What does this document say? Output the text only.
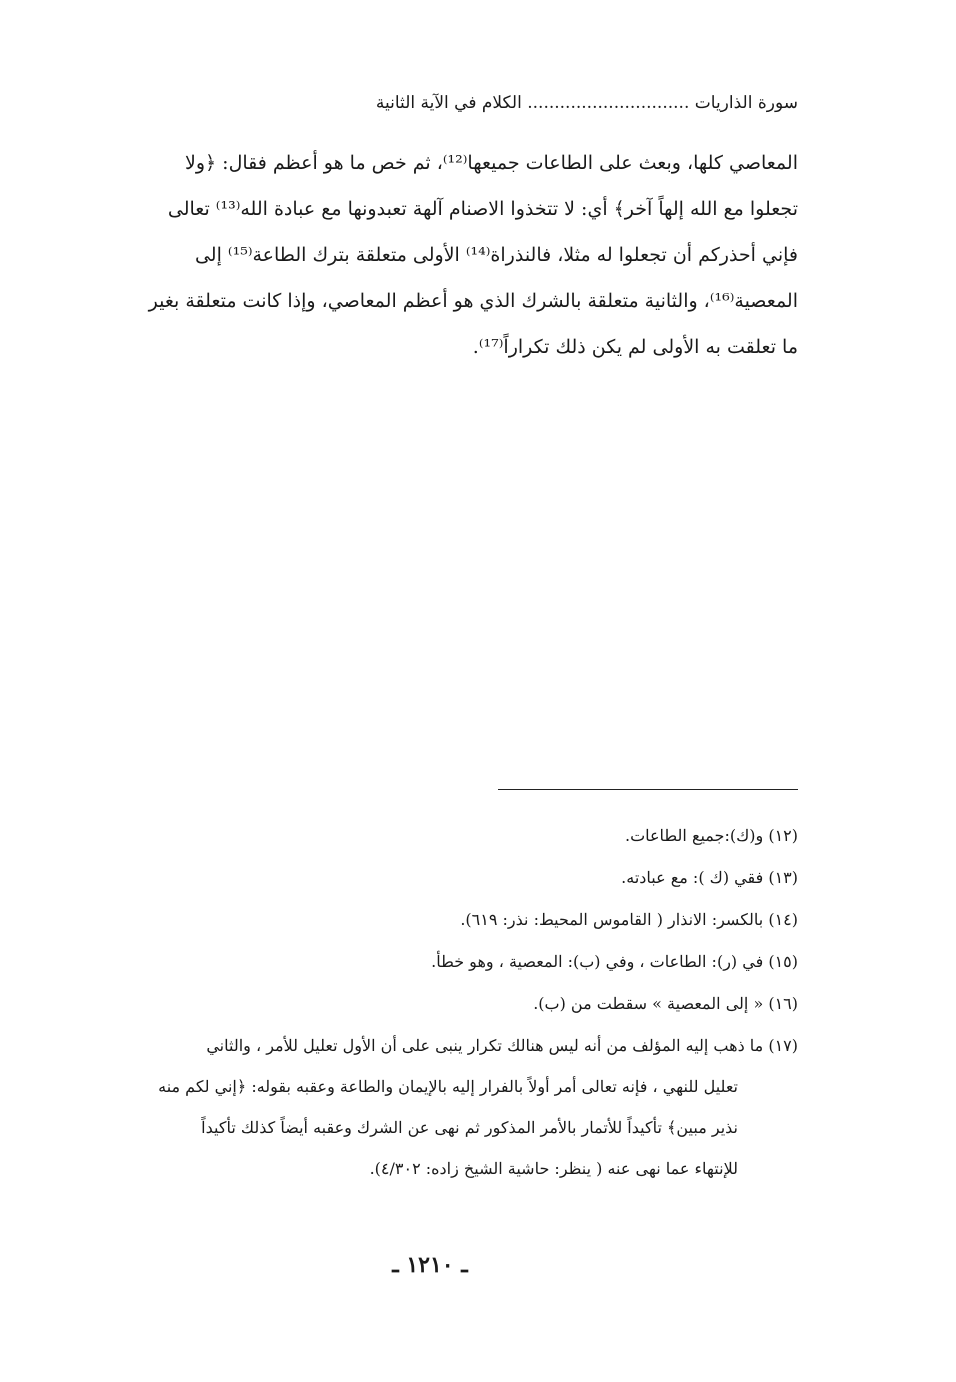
سورة الذاريات .............................. الكلام في الآية الثانية

المعاصي كلها، وبعث على الطاعات جميعها⁽¹²⁾، ثم خص ما هو أعظم فقال: ﴿ولا

تجعلوا مع الله إلهاً آخر﴾ أي: لا تتخذوا الاصنام آلهة تعبدونها مع عبادة الله⁽¹³⁾ تعالى

فإني أحذركم أن تجعلوا له مثلا، فالنذراة⁽¹⁴⁾ الأولى متعلقة بترك الطاعة⁽¹⁵⁾ إلى

المعصية⁽¹⁶⁾، والثانية متعلقة بالشرك الذي هو أعظم المعاصي، وإذا كانت متعلقة بغير

ما تعلقت به الأولى لم يكن ذلك تكراراً⁽¹⁷⁾.

(١٢) و(ك):جميع الطاعات.

(١٣) فقي (ك ): مع عبادته.

(١٤) بالكسر: الانذار ( القاموس المحيط: نذر: ٦١٩).

(١٥) في (ر): الطاعات ، وفي (ب): المعصية ، وهو خطأ.

(١٦) « إلى المعصية » سقطت من (ب).

(١٧) ما ذهب إليه المؤلف من أنه ليس هنالك تكرار ينبى على أن الأول تعليل للأمر ، والثاني
تعليل للنهي ، فإنه تعالى أمر أولاً بالفرار إليه بالإيمان والطاعة وعقبه بقوله: ﴿إني لكم منه
نذير مبين﴾ تأكيداً للأتمار بالأمر المذكور ثم نهى عن الشرك وعقبه أيضاً كذلك تأكيداً
للإنتهاء عما نهى عنه ( ينظر: حاشية الشيخ زاده: ٤/٣٠٢).
ـ ١٢١٠ ـ
